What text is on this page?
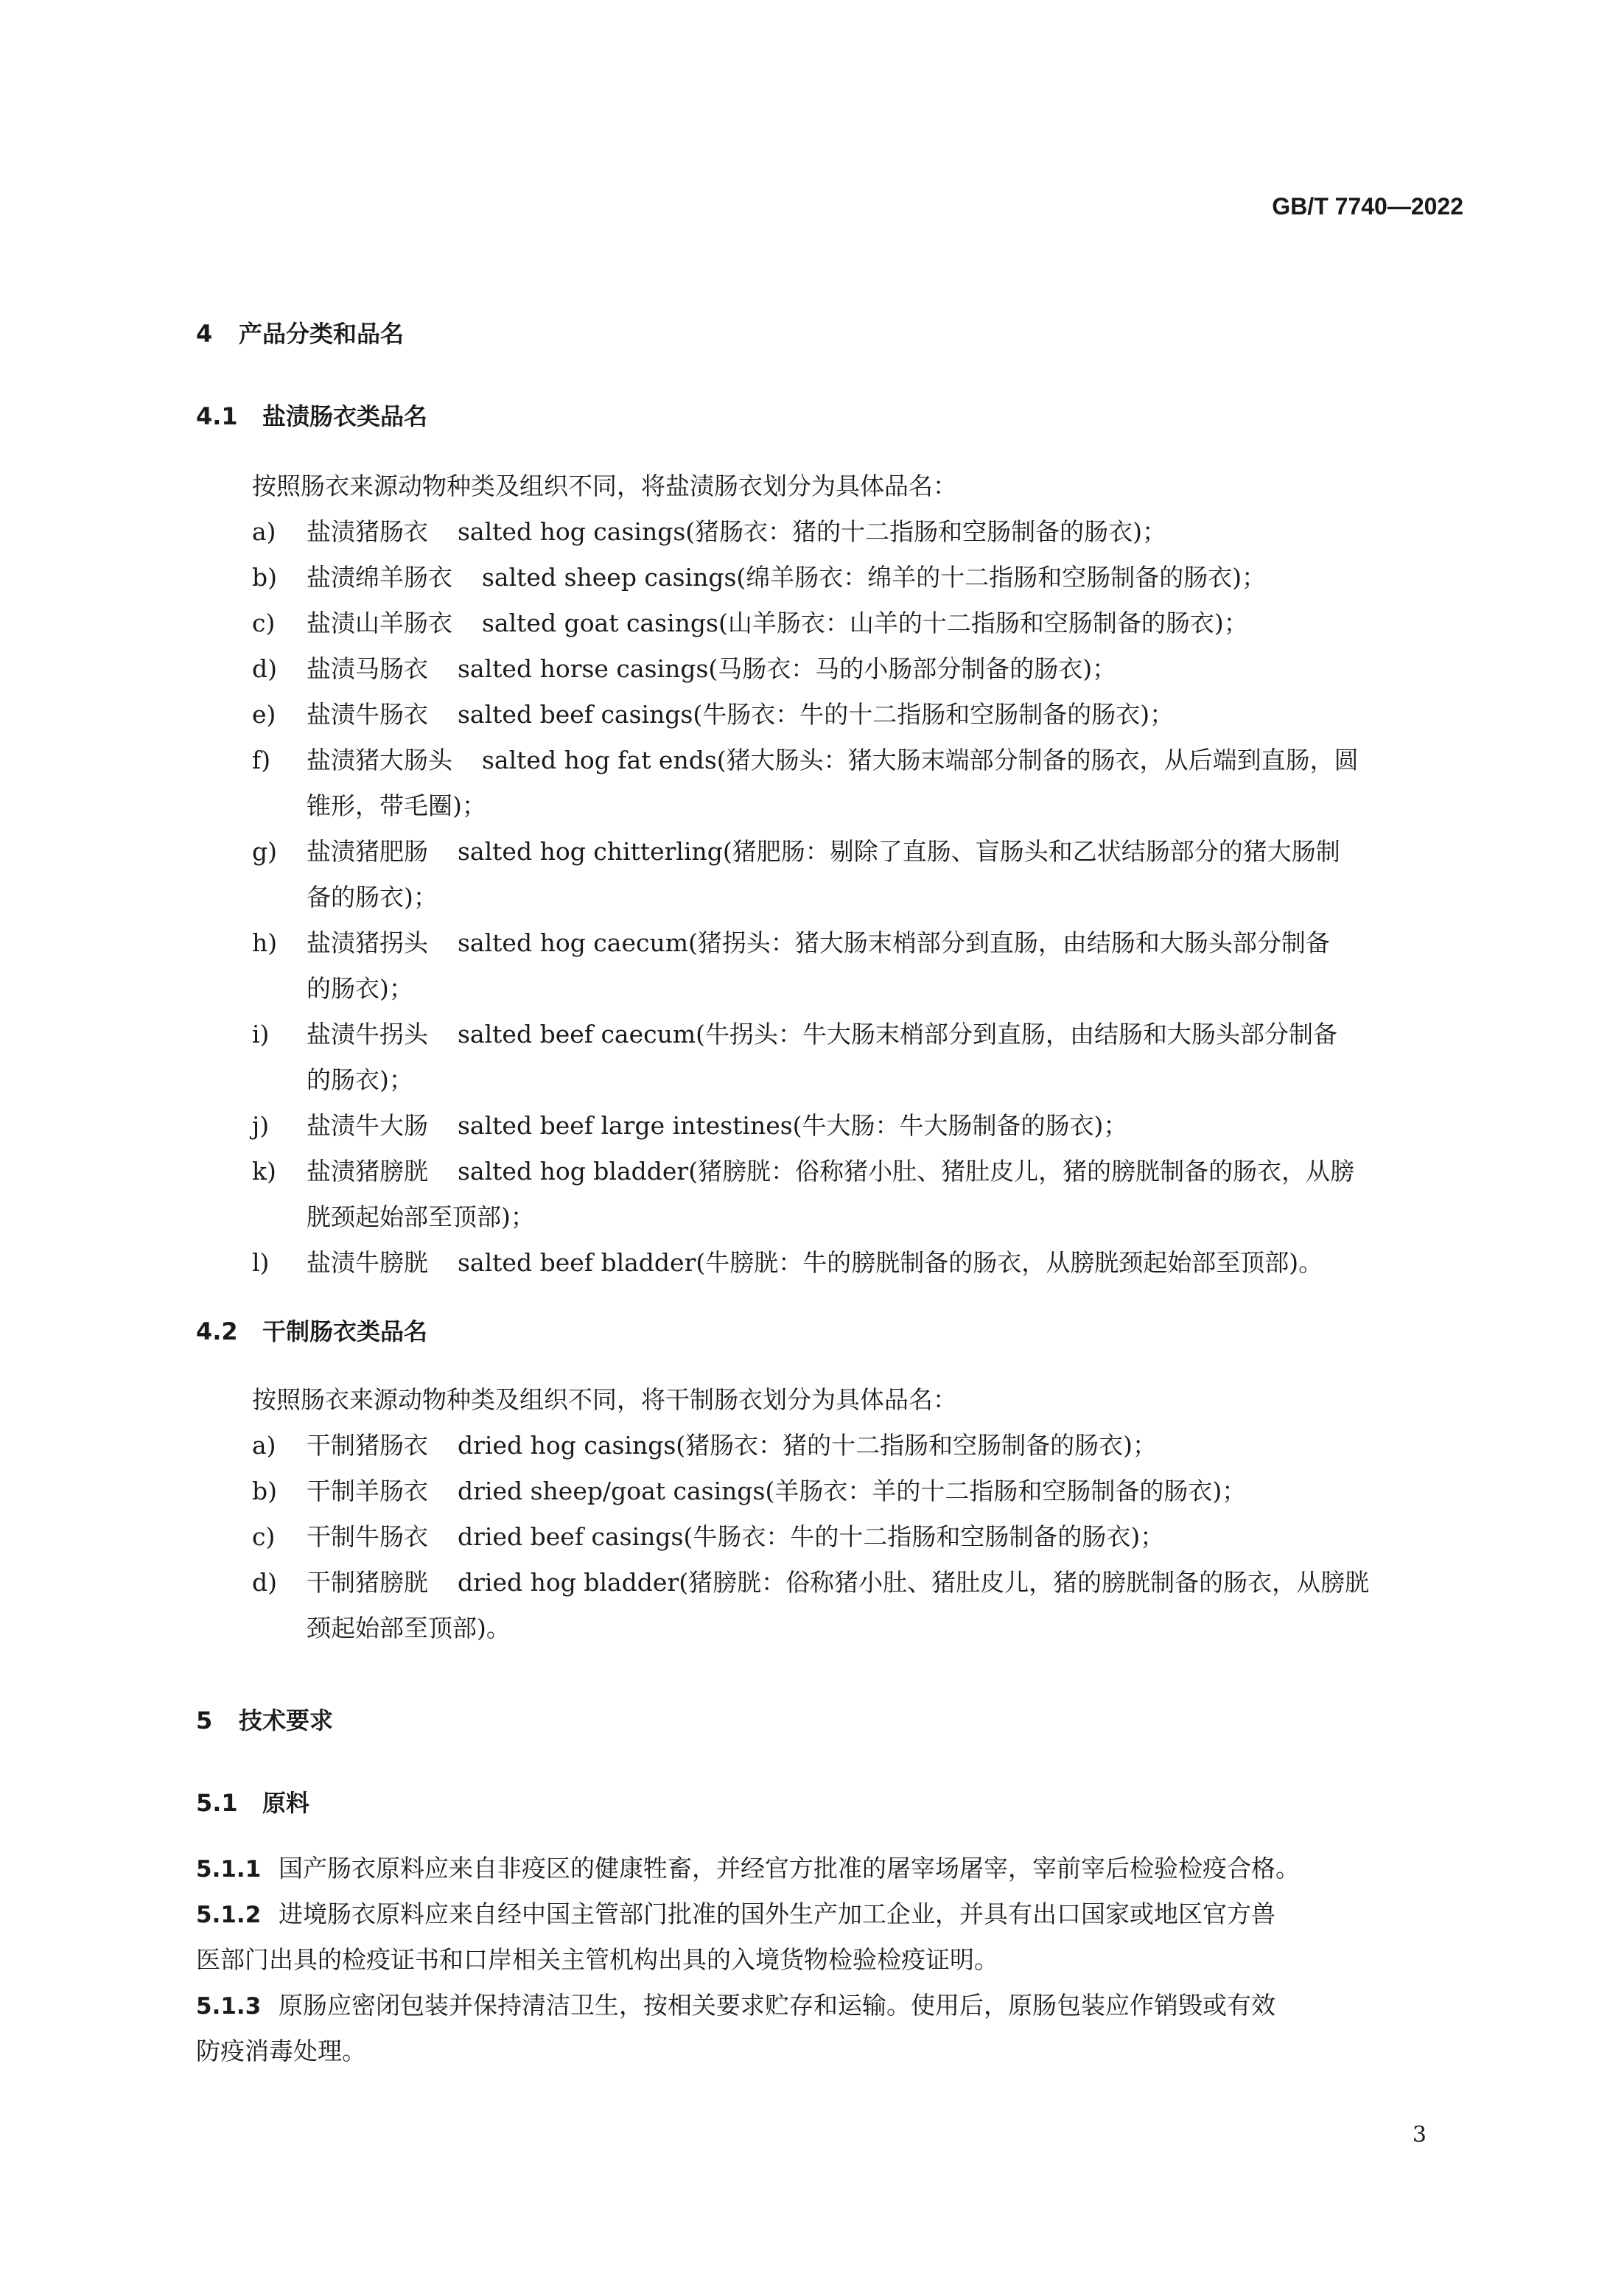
GB/T 7740—2022
4 产品分类和品名
4.1 盐渍肠衣类品名
按照肠衣来源动物种类及组织不同，将盐渍肠衣划分为具体品名：
a) 盐渍猪肠衣 salted hog casings(猪肠衣：猪的十二指肠和空肠制备的肠衣)；
b) 盐渍绵羊肠衣 salted sheep casings(绵羊肠衣：绵羊的十二指肠和空肠制备的肠衣)；
c) 盐渍山羊肠衣 salted goat casings(山羊肠衣：山羊的十二指肠和空肠制备的肠衣)；
d) 盐渍马肠衣 salted horse casings(马肠衣：马的小肠部分制备的肠衣)；
e) 盐渍牛肠衣 salted beef casings(牛肠衣：牛的十二指肠和空肠制备的肠衣)；
f) 盐渍猪大肠头 salted hog fat ends(猪大肠头：猪大肠末端部分制备的肠衣，从后端到直肠，圆
锥形，带毛圈)；
g) 盐渍猪肥肠 salted hog chitterling(猪肥肠：剔除了直肠、盲肠头和乙状结肠部分的猪大肠制
备的肠衣)；
h) 盐渍猪拐头 salted hog caecum(猪拐头：猪大肠末梢部分到直肠，由结肠和大肠头部分制备
的肠衣)；
i) 盐渍牛拐头 salted beef caecum(牛拐头：牛大肠末梢部分到直肠，由结肠和大肠头部分制备
的肠衣)；
j) 盐渍牛大肠 salted beef large intestines(牛大肠：牛大肠制备的肠衣)；
k) 盐渍猪膀胱 salted hog bladder(猪膀胱：俗称猪小肚、猪肚皮儿，猪的膀胱制备的肠衣，从膀
胱颈起始部至顶部)；
l) 盐渍牛膀胱 salted beef bladder(牛膀胱：牛的膀胱制备的肠衣，从膀胱颈起始部至顶部)。
4.2 干制肠衣类品名
按照肠衣来源动物种类及组织不同，将干制肠衣划分为具体品名：
a) 干制猪肠衣 dried hog casings(猪肠衣：猪的十二指肠和空肠制备的肠衣)；
b) 干制羊肠衣 dried sheep/goat casings(羊肠衣：羊的十二指肠和空肠制备的肠衣)；
c) 干制牛肠衣 dried beef casings(牛肠衣：牛的十二指肠和空肠制备的肠衣)；
d) 干制猪膀胱 dried hog bladder(猪膀胱：俗称猪小肚、猪肚皮儿，猪的膀胱制备的肠衣，从膀胱
颈起始部至顶部)。
5 技术要求
5.1 原料
5.1.1 国产肠衣原料应来自非疫区的健康牲畜，并经官方批准的屠宰场屠宰，宰前宰后检验检疫合格。
5.1.2 进境肠衣原料应来自经中国主管部门批准的国外生产加工企业，并具有出口国家或地区官方兽
医部门出具的检疫证书和口岸相关主管机构出具的入境货物检验检疫证明。
5.1.3 原肠应密闭包装并保持清洁卫生，按相关要求贮存和运输。使用后，原肠包装应作销毁或有效
防疫消毒处理。
3
